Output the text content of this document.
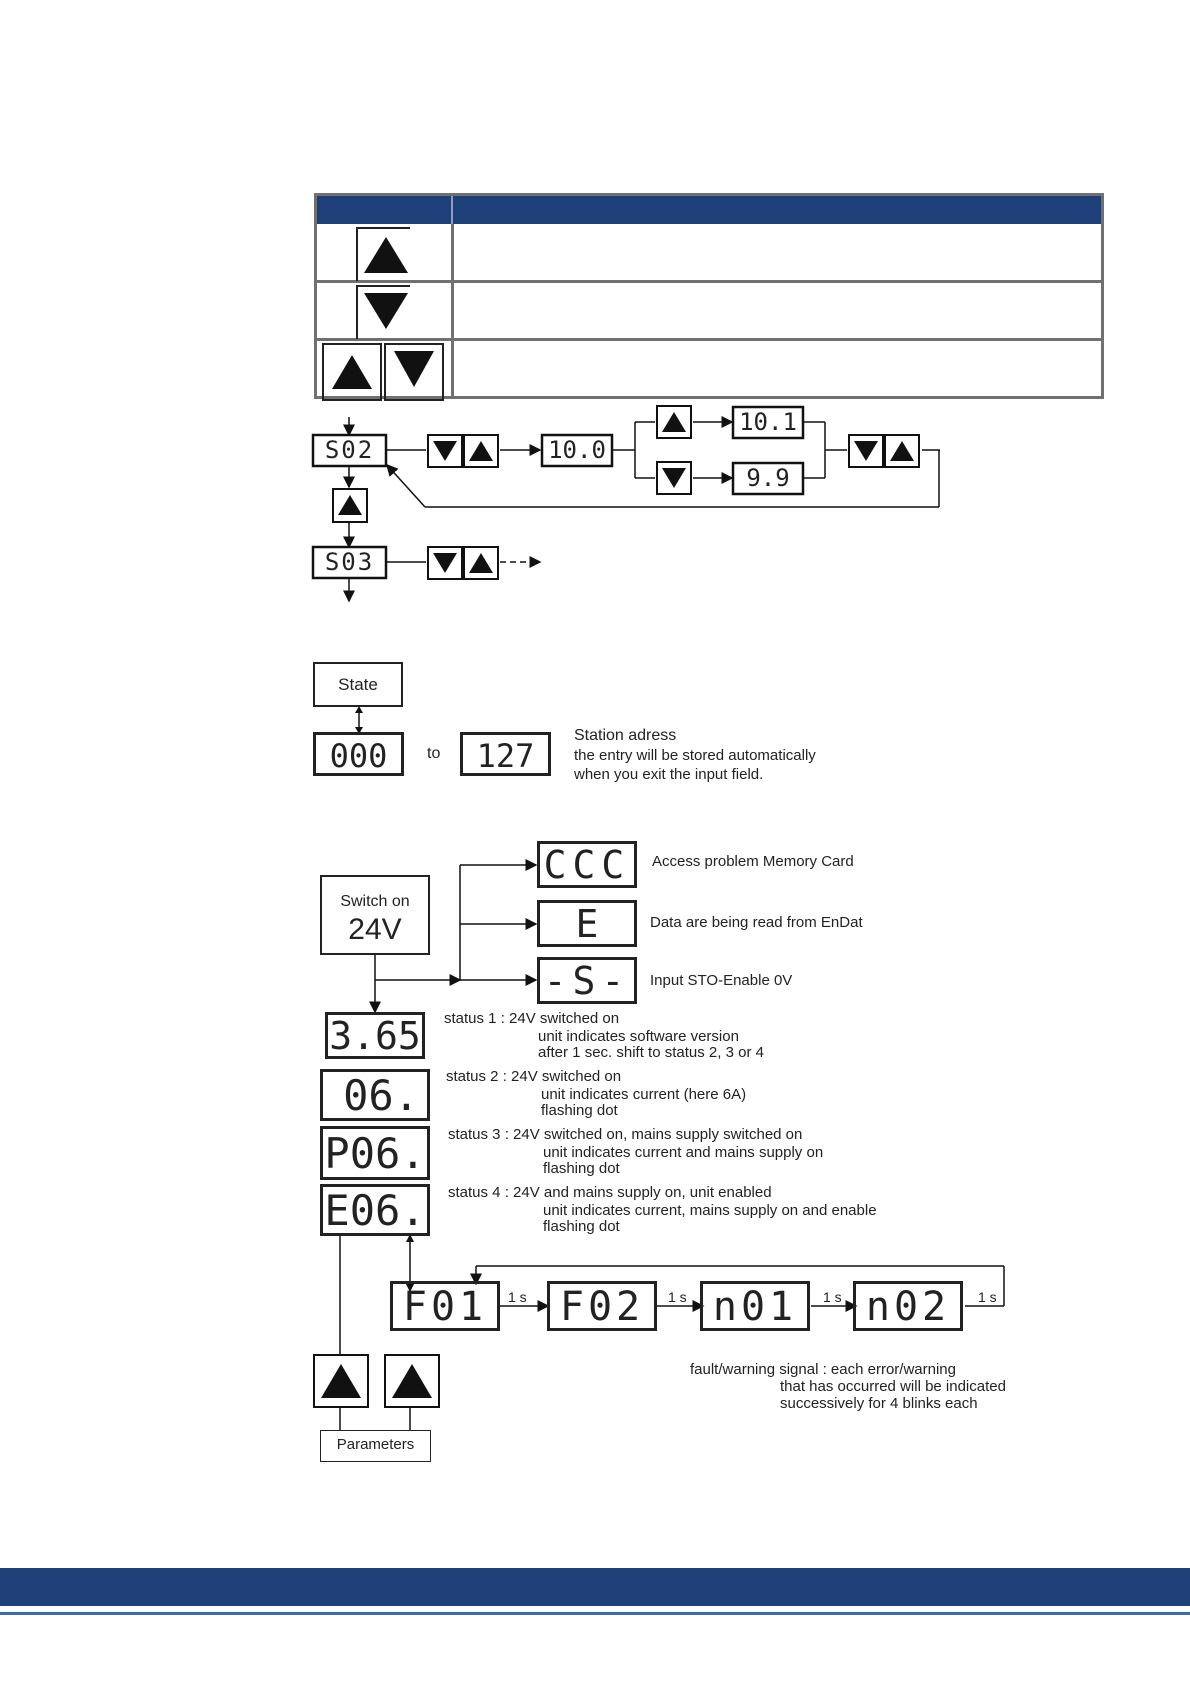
S02
S03
10.0
10.1
9.9
State
000	to	127
Station adress
the entry will be stored automatically
when you exit the input field.
Switch on
24V
CCC	Access problem Memory Card
E	Data are being read from EnDat
-S-	Input STO-Enable 0V
3.65 status 1 : 24V switched on
unit indicates software version
after 1 sec. shift to status 2, 3 or 4
06.	status 2 : 24V switched on
unit indicates current (here 6A)
flashing dot
P06. status 3 : 24V switched on, mains supply switched on
unit indicates current and mains supply on
flashing dot
E06. status 4 : 24V and mains supply on, unit enabled
unit indicates current, mains supply on and enable
flashing dot
F01	1 s F02	1 s n01	1 s n02	1 s
fault/warning signal : each error/warning
that has occurred will be indicated
successively for 4 blinks each
Parameters
